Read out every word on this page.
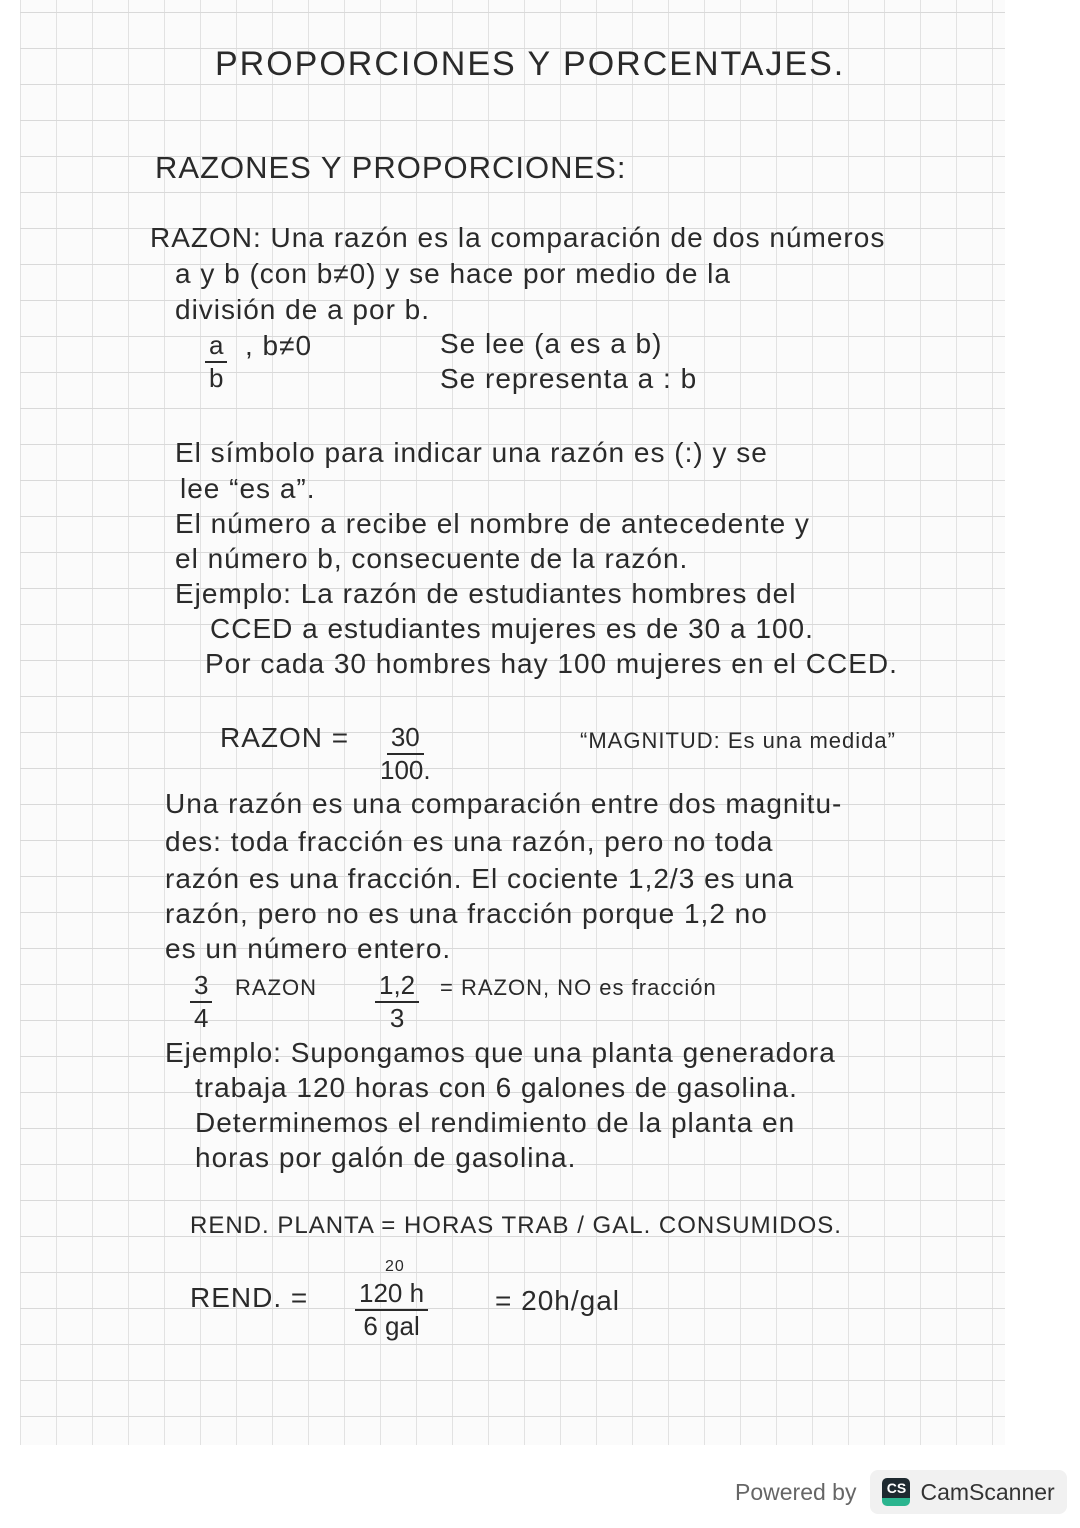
PROPORCIONES Y PORCENTAJES.
RAZONES Y PROPORCIONES:
RAZON: Una razón es la comparación de dos números
a y b (con b≠0) y se hace por medio de la
división de a por b.
$\frac{a}{b}$ , b≠0	Se lee (a es a b)
Se representa a : b
El símbolo para indicar una razón es (:) y se
lee “es a”.
El número a recibe el nombre de antecedente y
el número b, consecuente de la razón.
Ejemplo: La razón de estudiantes hombres del
CCED a estudiantes mujeres es de 30 a 100.
Por cada 30 hombres hay 100 mujeres en el CCED.
RAZON = $\frac{30}{100.}$	“MAGNITUD: Es una medida”
Una razón es una comparación entre dos magnitu-
des: toda fracción es una razón, pero no toda
razón es una fracción. El cociente 1,2/3 es una
razón, pero no es una fracción porque 1,2 no
es un número entero.
$\frac{3}{4}$ RAZON $\frac{1,2}{3}$ = RAZON, NO es fracción
Ejemplo: Supongamos que una planta generadora
trabaja 120 horas con 6 galones de gasolina.
Determinemos el rendimiento de la planta en
horas por galón de gasolina.
REND. PLANTA = HORAS TRAB / GAL. CONSUMIDOS.
REND. =
20
120 h
6 gal
= 20h/gal
Powered by	CS CamScanner
